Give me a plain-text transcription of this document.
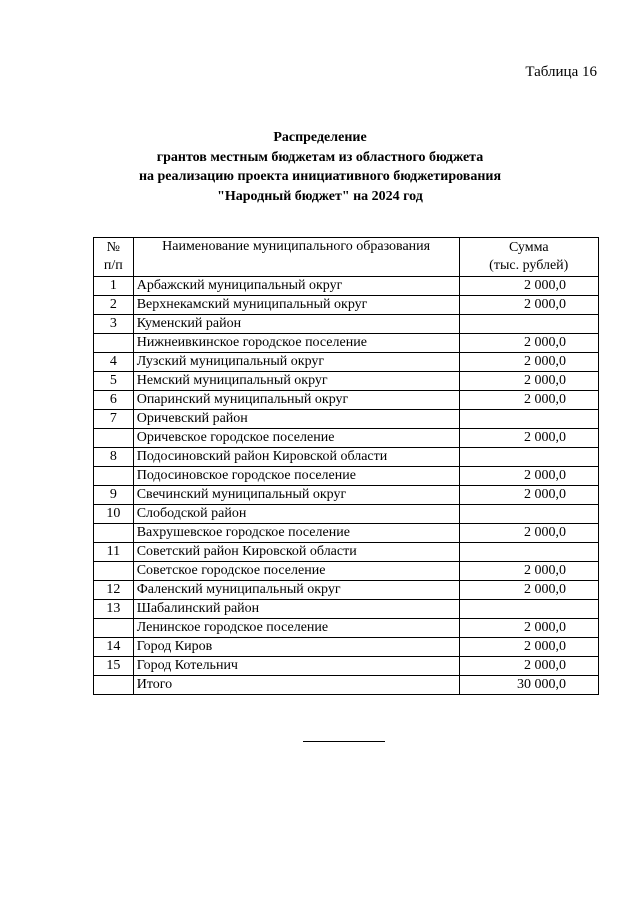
Таблица 16
Распределение
грантов местным бюджетам из областного бюджета
на реализацию проекта инициативного бюджетирования
"Народный бюджет" на 2024 год
№
п/п	Наименование муниципального образования	Сумма
(тыс. рублей)

1	Арбажский муниципальный округ	2 000,0
2	Верхнекамский муниципальный округ	2 000,0
3	Куменский район	
	Нижнеивкинское городское поселение	2 000,0
4	Лузский муниципальный округ	2 000,0
5	Немский муниципальный округ	2 000,0
6	Опаринский муниципальный округ	2 000,0
7	Оричевский район	
	Оричевское городское поселение	2 000,0
8	Подосиновский район Кировской области	
	Подосиновское городское поселение	2 000,0
9	Свечинский муниципальный округ	2 000,0
10	Слободской район	
	Вахрушевское городское поселение	2 000,0
11	Советский район Кировской области	
	Советское городское поселение	2 000,0
12	Фаленский муниципальный округ	2 000,0
13	Шабалинский район	
	Ленинское городское поселение	2 000,0
14	Город Киров	2 000,0
15	Город Котельнич	2 000,0
	Итого	30 000,0
